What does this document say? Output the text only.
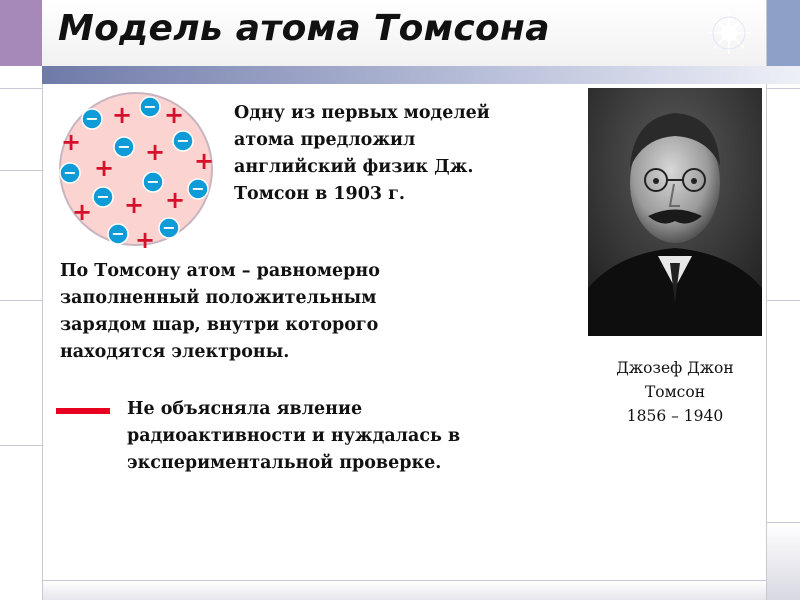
Модель атома Томсона
+ +
+	+ +
+
+ +
+
+
−
−
−	−
−	− −
−
−
−
Одну из первых моделей
атома предложил
английский физик Дж.
Томсон в 1903 г.
По Томсону атом – равномерно
заполненный положительным
зарядом шар, внутри которого
находятся электроны.
Не объясняла явление
радиоактивности и нуждалась в
экспериментальной проверке.
Джозеф Джон
Томсон
1856 – 1940
